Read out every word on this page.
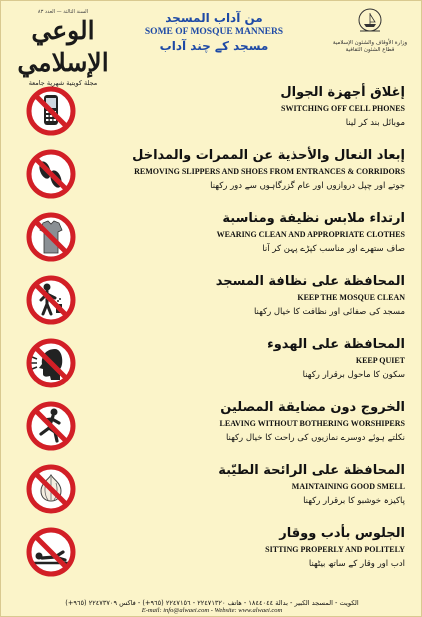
السنة الثالثة — العدد ٨٣
الوعي الإسلامي
مجلة كويتية شهرية جامعة
من آداب المسجد
SOME OF MOSQUE MANNERS
مسجد کے چند آداب	وزارة الأوقاف والشئون الإسلامية
قطاع الشئون الثقافية
إغلاق أجهزة الجوال
SWITCHING OFF CELL PHONES
موبائل بند کر لینا
إبعاد النعال والأحذية عن الممرات والمداخل
REMOVING SLIPPERS AND SHOES FROM ENTRANCES & CORRIDORS
جوتے اور چپل دروازوں اور عام گزرگاہوں سے دور رکھنا
ارتداء ملابس نظيفة ومناسبة
WEARING CLEAN AND APPROPRIATE CLOTHES
صاف ستھرے اور مناسب کپڑے پہن کر آنا
المحافظة على نظافة المسجد
KEEP THE MOSQUE CLEAN
مسجد کی صفائی اور نظافت کا خیال رکھنا
المحافظة على الهدوء
KEEP QUIET
سکون کا ماحول برقرار رکھنا
الخروج دون مضايقة المصلين
LEAVING WITHOUT BOTHERING WORSHIPERS
نکلتے ہوئے دوسرے نمازیوں کی راحت کا خیال رکھنا
المحافظة على الرائحة الطيّبة
MAINTAINING GOOD SMELL
پاکیزہ خوشبو کا برقرار رکھنا
الجلوس بأدب ووقار
SITTING PROPERLY AND POLITELY
ادب اور وقار کے ساتھ بیٹھنا
الكويت - المسجد الكبير - بدالة ١٨٤٤٠٤٤ - هاتف ٢٢٤٧١٣٢٠ - ٢٢٤٧١٥٦ (٩٦٥+) - فاكس ٢٢٤٧٣٧٠٩ (٩٦٥+)
E-mail: info@alwaei.com - Website: www.alwaei.com
